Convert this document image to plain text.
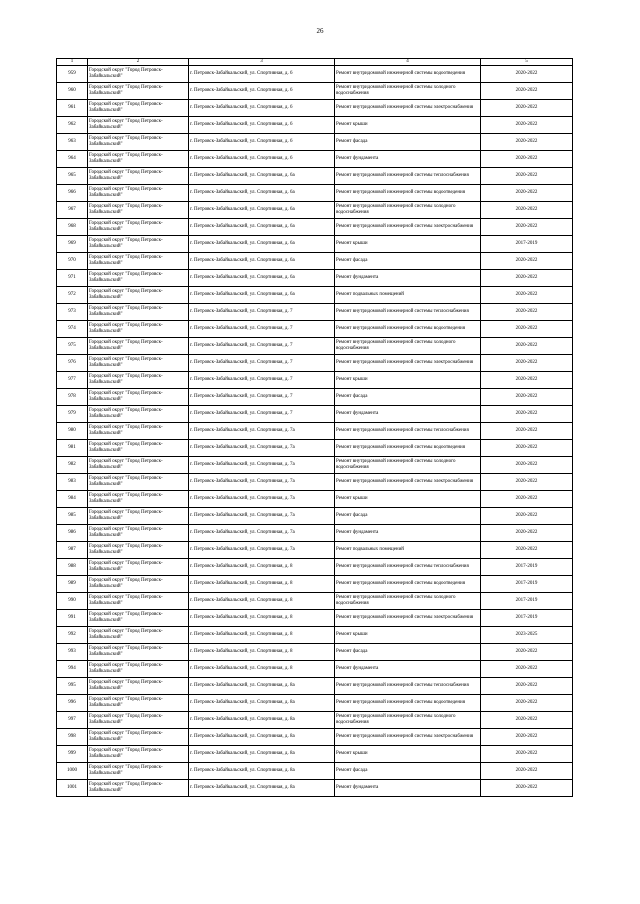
26
1	2	3	4	5
959	Городской округ "Город Петровск-Забайкальский"	г. Петровск-Забайкальский, ул. Спортивная, д. 6	Ремонт внутридомовой инженерной системы водоотведения	2020-2022
960	Городской округ "Город Петровск-Забайкальский"	г. Петровск-Забайкальский, ул. Спортивная, д. 6	Ремонт внутридомовой инженерной системы холодного водоснабжения	2020-2022
961	Городской округ "Город Петровск-Забайкальский"	г. Петровск-Забайкальский, ул. Спортивная, д. 6	Ремонт внутридомовой инженерной системы электроснабжения	2020-2022
962	Городской округ "Город Петровск-Забайкальский"	г. Петровск-Забайкальский, ул. Спортивная, д. 6	Ремонт крыши	2020-2022
963	Городской округ "Город Петровск-Забайкальский"	г. Петровск-Забайкальский, ул. Спортивная, д. 6	Ремонт фасада	2020-2022
964	Городской округ "Город Петровск-Забайкальский"	г. Петровск-Забайкальский, ул. Спортивная, д. 6	Ремонт фундамента	2020-2022
965	Городской округ "Город Петровск-Забайкальский"	г. Петровск-Забайкальский, ул. Спортивная, д. 6а	Ремонт внутридомовой инженерной системы теплоснабжения	2020-2022
966	Городской округ "Город Петровск-Забайкальский"	г. Петровск-Забайкальский, ул. Спортивная, д. 6а	Ремонт внутридомовой инженерной системы водоотведения	2020-2022
967	Городской округ "Город Петровск-Забайкальский"	г. Петровск-Забайкальский, ул. Спортивная, д. 6а	Ремонт внутридомовой инженерной системы холодного водоснабжения	2020-2022
968	Городской округ "Город Петровск-Забайкальский"	г. Петровск-Забайкальский, ул. Спортивная, д. 6а	Ремонт внутридомовой инженерной системы электроснабжения	2020-2022
969	Городской округ "Город Петровск-Забайкальский"	г. Петровск-Забайкальский, ул. Спортивная, д. 6а	Ремонт крыши	2017-2019
970	Городской округ "Город Петровск-Забайкальский"	г. Петровск-Забайкальский, ул. Спортивная, д. 6а	Ремонт фасада	2020-2022
971	Городской округ "Город Петровск-Забайкальский"	г. Петровск-Забайкальский, ул. Спортивная, д. 6а	Ремонт фундамента	2020-2022
972	Городской округ "Город Петровск-Забайкальский"	г. Петровск-Забайкальский, ул. Спортивная, д. 6а	Ремонт подвальных помещений	2020-2022
973	Городской округ "Город Петровск-Забайкальский"	г. Петровск-Забайкальский, ул. Спортивная, д. 7	Ремонт внутридомовой инженерной системы теплоснабжения	2020-2022
974	Городской округ "Город Петровск-Забайкальский"	г. Петровск-Забайкальский, ул. Спортивная, д. 7	Ремонт внутридомовой инженерной системы водоотведения	2020-2022
975	Городской округ "Город Петровск-Забайкальский"	г. Петровск-Забайкальский, ул. Спортивная, д. 7	Ремонт внутридомовой инженерной системы холодного водоснабжения	2020-2022
976	Городской округ "Город Петровск-Забайкальский"	г. Петровск-Забайкальский, ул. Спортивная, д. 7	Ремонт внутридомовой инженерной системы электроснабжения	2020-2022
977	Городской округ "Город Петровск-Забайкальский"	г. Петровск-Забайкальский, ул. Спортивная, д. 7	Ремонт крыши	2020-2022
978	Городской округ "Город Петровск-Забайкальский"	г. Петровск-Забайкальский, ул. Спортивная, д. 7	Ремонт фасада	2020-2022
979	Городской округ "Город Петровск-Забайкальский"	г. Петровск-Забайкальский, ул. Спортивная, д. 7	Ремонт фундамента	2020-2022
980	Городской округ "Город Петровск-Забайкальский"	г. Петровск-Забайкальский, ул. Спортивная, д. 7а	Ремонт внутридомовой инженерной системы теплоснабжения	2020-2022
981	Городской округ "Город Петровск-Забайкальский"	г. Петровск-Забайкальский, ул. Спортивная, д. 7а	Ремонт внутридомовой инженерной системы водоотведения	2020-2022
982	Городской округ "Город Петровск-Забайкальский"	г. Петровск-Забайкальский, ул. Спортивная, д. 7а	Ремонт внутридомовой инженерной системы холодного водоснабжения	2020-2022
983	Городской округ "Город Петровск-Забайкальский"	г. Петровск-Забайкальский, ул. Спортивная, д. 7а	Ремонт внутридомовой инженерной системы электроснабжения	2020-2022
984	Городской округ "Город Петровск-Забайкальский"	г. Петровск-Забайкальский, ул. Спортивная, д. 7а	Ремонт крыши	2020-2022
985	Городской округ "Город Петровск-Забайкальский"	г. Петровск-Забайкальский, ул. Спортивная, д. 7а	Ремонт фасада	2020-2022
986	Городской округ "Город Петровск-Забайкальский"	г. Петровск-Забайкальский, ул. Спортивная, д. 7а	Ремонт фундамента	2020-2022
987	Городской округ "Город Петровск-Забайкальский"	г. Петровск-Забайкальский, ул. Спортивная, д. 7а	Ремонт подвальных помещений	2020-2022
988	Городской округ "Город Петровск-Забайкальский"	г. Петровск-Забайкальский, ул. Спортивная, д. 8	Ремонт внутридомовой инженерной системы теплоснабжения	2017-2019
989	Городской округ "Город Петровск-Забайкальский"	г. Петровск-Забайкальский, ул. Спортивная, д. 8	Ремонт внутридомовой инженерной системы водоотведения	2017-2019
990	Городской округ "Город Петровск-Забайкальский"	г. Петровск-Забайкальский, ул. Спортивная, д. 8	Ремонт внутридомовой инженерной системы холодного водоснабжения	2017-2019
991	Городской округ "Город Петровск-Забайкальский"	г. Петровск-Забайкальский, ул. Спортивная, д. 8	Ремонт внутридомовой инженерной системы электроснабжения	2017-2019
992	Городской округ "Город Петровск-Забайкальский"	г. Петровск-Забайкальский, ул. Спортивная, д. 8	Ремонт крыши	2023-2025
993	Городской округ "Город Петровск-Забайкальский"	г. Петровск-Забайкальский, ул. Спортивная, д. 8	Ремонт фасада	2020-2022
994	Городской округ "Город Петровск-Забайкальский"	г. Петровск-Забайкальский, ул. Спортивная, д. 8	Ремонт фундамента	2020-2022
995	Городской округ "Город Петровск-Забайкальский"	г. Петровск-Забайкальский, ул. Спортивная, д. 8а	Ремонт внутридомовой инженерной системы теплоснабжения	2020-2022
996	Городской округ "Город Петровск-Забайкальский"	г. Петровск-Забайкальский, ул. Спортивная, д. 8а	Ремонт внутридомовой инженерной системы водоотведения	2020-2022
997	Городской округ "Город Петровск-Забайкальский"	г. Петровск-Забайкальский, ул. Спортивная, д. 8а	Ремонт внутридомовой инженерной системы холодного водоснабжения	2020-2022
998	Городской округ "Город Петровск-Забайкальский"	г. Петровск-Забайкальский, ул. Спортивная, д. 8а	Ремонт внутридомовой инженерной системы электроснабжения	2020-2022
999	Городской округ "Город Петровск-Забайкальский"	г. Петровск-Забайкальский, ул. Спортивная, д. 8а	Ремонт крыши	2020-2022
1000	Городской округ "Город Петровск-Забайкальский"	г. Петровск-Забайкальский, ул. Спортивная, д. 8а	Ремонт фасада	2020-2022
1001	Городской округ "Город Петровск-Забайкальский"	г. Петровск-Забайкальский, ул. Спортивная, д. 8а	Ремонт фундамента	2020-2022
